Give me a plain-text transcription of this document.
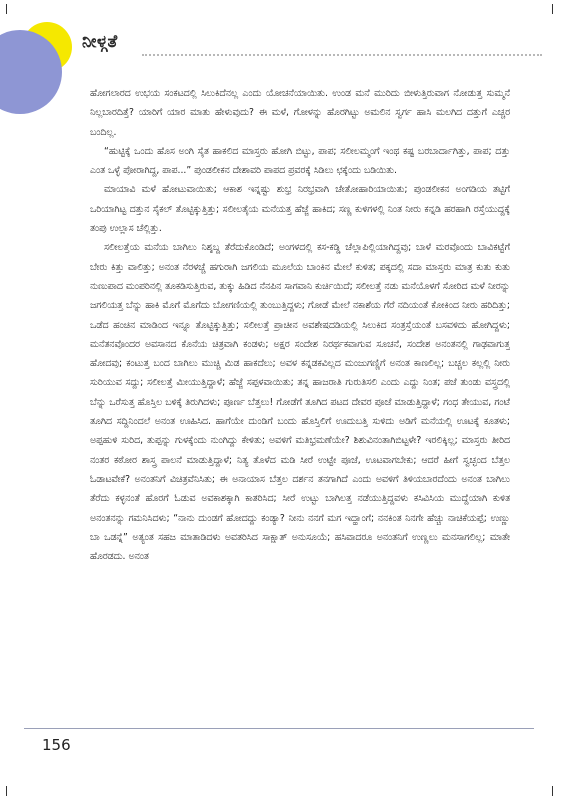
ನೀಳ್ಗತೆ

ಹೋಗಲಾರದ ಉಭಯ ಸಂಕಟದಲ್ಲಿ ಸಿಲುಕಿದೆನಲ್ಲ ಎಂದು ಯೋಚನೆಯಾಯಿತು. ಉಂಡ ಮನೆ ಮುರಿದು ಬೀಳುತ್ತಿರುವಾಗ ನೋಡುತ್ತ ಸುಮ್ಮನೆ ನಿಲ್ಲಬಾರದಿತ್ತೆ? ಯಾರಿಗೆ ಯಾರ ಮಾತು ಹೇಳುವುದು? ಈ ಮಳೆ, ಗೋಳನ್ನು ಹೊರಗಿಟ್ಟು ಅಮಲಿನ ಸ್ವರ್ಗ ಹಾಸಿ ಮಲಗಿದ ದತ್ತುಗೆ ಎಚ್ಚರ ಬಂದಿಲ್ಲ.

“ಹುಟ್ಟಿಕ್ಕೆ ಒಂದು ಹೊಸ ಅಂಗಿ ಸೈತ ಹಾಕಲಿದ ಮಾಸ್ತರು ಹೋಗಿ ಬಿಟ್ಟು, ಪಾಪ; ಸಲೀಲಮ್ಮಂಗೆ ಇಂಥ ಕಷ್ಟ ಬರಬಾರ್ದಾಗಿತ್ತು, ಪಾಪ; ದತ್ತು ಎಂತ ಒಳ್ಳೆ ಪೋರಾಗಿದ್ದ, ಪಾಪ...” ಪುಂಡಲೀಕನ ದೇಶಾವರಿ ಪಾಪದ ಪ್ರವರಕ್ಕೆ ಸಿಡಿಲು ಛಕ್ಕೆಂದು ಬಡಿಯಿತು.

ಮಾಯಾವಿ ಮಳೆ ಹೋಟುವಾಯಿತು; ಆಕಾಶ ಇನ್ನಷ್ಟು ಶುಭ್ರ ನಿರಭ್ರವಾಗಿ ಚೇತೋಹಾರಿಯಾಯಿತು; ಪುಂಡಲೀಕನ ಅಂಗಡಿಯ ತಟ್ಟಿಗೆ ಒರಿಯಾಗಿಟ್ಟ ದತ್ತುನ ಸೈಕಲ್ ತೊಟ್ಟಿಕ್ಕುತ್ತಿತ್ತು; ಸಲೀಲತೈಯ ಮನೆಯತ್ತ ಹೆಜ್ಜೆ ಹಾಕಿದ; ಸಣ್ಣ ಕುಳಿಗಳಲ್ಲಿ ನಿಂತ ನೀರು ಕನ್ನಡಿ ಹರಹಾಗಿ ರಸ್ತೆಯುದ್ದಕ್ಕೆ ತಂಪು ಉಲ್ಲಾಸ ಚೆಲ್ಲಿತ್ತು.

ಸಲೀಲತ್ತೆಯ ಮನೆಯ ಬಾಗಿಲು ನಿಶ್ಶಬ್ದ ತೆರೆದುಕೊಂಡಿದೆ; ಅಂಗಳದಲ್ಲಿ ಕಸ-ಕಡ್ಡಿ ಚೆಲ್ಲಾಪಿಲ್ಲಿಯಾಗಿದ್ದವು; ಬಾಳೆ ಮರವೊಂದು ಬಾವಿಕಟ್ಟೆಗೆ ಬೇರು ಕಿತ್ತು ವಾಲಿತ್ತು; ಅನಂತ ನೆರಳಚ್ಚೆ ಹಗುರಾಗಿ ಜಗಲಿಯ ಮೂಲೆಯ ಬಾಂಕಿನ ಮೇಲೆ ಕುಳಿತ; ಪಕ್ಕದಲ್ಲಿ ಸದಾ ಮಾಸ್ತರು ಮಾತ್ರ ಕುತು ಕುತು ನುಣುಪಾದ ಮಂಪರಿನಲ್ಲಿ ತೂಕಡಿಸುತ್ತಿರುವ, ತುಕ್ಕು ಹಿಡಿದ ನೆನಪಿನ ಸಾಗವಾನಿ ಕುರ್ಚಿಯಿದೆ; ಸಲೀಲತ್ತೆ ನಡು ಮನೆಯೊಳಗೆ ಸೋರಿದ ಮಳೆ ನೀರನ್ನು ಜಗಲಿಯತ್ತ ಬೆನ್ನು ಹಾಕಿ ಮೊಗೆ ಮೊಗೆದು ಬೋಗಣಿಯಲ್ಲಿ ತುಂಬುತ್ತಿದ್ದಳು; ಗೋಡೆ ಮೇಲೆ ನಕಾಶೆಯ ಗೆರೆ ನದಿಯಂತೆ ಕೋಕಿಂದ ನೀರು ಹರಿದಿತ್ತು; ಒಡೆದ ಹಂಚಿನ ಮಾಡಿಂದ ಇನ್ನೂ ತೊಟ್ಟಿಕ್ಕುತ್ತಿತ್ತು; ಸಲೀಲತ್ತೆ ಪ್ರಾಚೀನ ಅವಶೇಷದಡಿಯಲ್ಲಿ ಸಿಲುಕಿದ ಸಂತ್ರಸ್ತೆಯಂತೆ ಬಸವಳಿದು ಹೋಗಿದ್ದಳು; ಮನೆತನವೊಂದರ ಅವಸಾನದ ಕೊನೆಯ ಚಿತ್ರವಾಗಿ ಕಂಡಳು; ಅಕ್ಷರ ಸಂದೇಶ ನಿರರ್ಥಕವಾಗುವ ಸೂಚನೆ, ಸಂದೇಶ ಅನಂತನಲ್ಲಿ ಗಾಢವಾಗುತ್ತ ಹೋದವು; ಕಂಟುತ್ತ ಬಂದ ಬಾಗಿಲು ಮುಚ್ಚಿ ಮಿಡ ಹಾಕದೆಲು; ಅವಳ ಕನ್ನಡಕವಿಲ್ಲದ ಮಂಜುಗಣ್ಣಿಗೆ ಅನಂತ ಕಾಣಲಿಲ್ಲ; ಬಚ್ಚಲ ಕಲ್ಲಲ್ಲಿ ನೀರು ಸುರಿಯುವ ಸದ್ದು; ಸಲೀಲತ್ತೆ ಮೀಯುತ್ತಿದ್ದಾಳೆ; ಹೆಜ್ಜೆ ಸಪ್ಪಳವಾಯಿತು; ತನ್ನ ಹಾಜರಾತಿ ಗುರುತಿಸಲಿ ಎಂದು ಎದ್ದು ನಿಂತ; ಪಜೆ ತುಂಡು ವಸ್ತ್ರದಲ್ಲಿ ಬೆನ್ನು ಒರೆಸುತ್ತ ಹೊಸ್ತಿಲ ಬಳಿಕ್ಕೆ ತಿರುಗಿದಳು; ಪೂರ್ಣ ಬೆತ್ತಲು! ಗೋಡೆಗೆ ತೂಗಿದ ಪಟದ ದೇವರ ಪೂಜೆ ಮಾಡುತ್ತಿದ್ದಾಳೆ; ಗಂಧ ತೇಯುವ, ಗಂಟೆ ತೂಗಿದ ಸದ್ದಿನಿಂದಲೆ ಅನಂತ ಊಹಿಸಿದ. ಹಾಗೆಯೇ ದುಂಡಿಗೆ ಬಂದು ಹೊಸ್ತಿಲಿಗೆ ಊದುಬತ್ತಿ ಸುಳಿದು ಅಡಿಗೆ ಮನೆಯಲ್ಲಿ ಊಟಕ್ಕೆ ಕೂತಳು; ಅಪ್ಪಹುಳಿ ಸುರಿದ, ತುಪ್ಪನ್ನು ಗುಳಕ್ಕೆಂದು ನುಂಗಿದ್ದು ಕೇಳಿತು; ಅವಳಿಗೆ ಮತಿಭ್ರಮಣೆಯೇ? ಶಿಶುವಿನಂತಾಗಿಬಿಟ್ಟಳೇ? ಇರಲಿಕ್ಕಿಲ್ಲ; ಮಾಸ್ತರು ತೀರಿದ ನಂತರ ಕಠೋರ ಶಾಸ್ತ್ರ ಪಾಲನೆ ಮಾಡುತ್ತಿದ್ದಾಳೆ; ನಿತ್ಯ ತೊಳೆದ ಮಡಿ ಸೀರೆ ಉಟ್ಟೇ ಪೂಜೆ, ಊಟವಾಗಬೇಕು; ಆದರೆ ಹೀಗೆ ಸ್ವಚ್ಛಂದ ಬೆತ್ತಲ ಓಡಾಟವೇಕೆ? ಅನಂತನಿಗೆ ವಿಚಿತ್ರವೆನಿಸಿತು; ಈ ಅನಾಯಾಸ ಬೆತ್ತಲ ದರ್ಶನ ತನಗಾಗಿದೆ ಎಂದು ಅವಳಿಗೆ ತಿಳಿಯಬಾರದೆಂದು ಅನಂತ ಬಾಗಿಲು ತೆರೆದು ಕಳ್ಳನಂತೆ ಹೊರಗೆ ಓಡುವ ಅವಕಾಶಕ್ಕಾಗಿ ಕಾತರಿಸಿದ; ಸೀರೆ ಉಟ್ಟು ಬಾಗಿಲತ್ತ ನಡೆಯುತ್ತಿದ್ದವಳು ಕಸಿವಿಸಿಯ ಮುದ್ದೆಯಾಗಿ ಕುಳಿತ ಅನಂತನನ್ನು ಗಮನಿಸಿದಳು; “ನಾನು ದುಂಡಗೆ ಹೋದದ್ದು ಕಂಡ್ಯಾ? ನೀನು ನನಗೆ ಮಗ ಇದ್ಹಾಂಗೆ; ನನಕಿಂತ ನಿನಗೇ ಹೆಚ್ಚು ನಾಚಿಕೆಯಪ್ಪೆ; ಉಣ್ಣು ಬಾ ಒಡನ್ನೆ” ಅತ್ಯಂತ ಸಹಜ ಮಾತಾಡಿದಳು ಅವತರಿಸಿದ ಸಾಕ್ಷಾತ್ ಅನುಸೂಯೆ; ಹಸಿವಾದರೂ ಅನಂತನಿಗೆ ಉಣ್ಣಲು ಮನಸಾಗಲಿಲ್ಲ; ಮಾತೇ ಹೊರಡದು. ಅನಂತ

156
